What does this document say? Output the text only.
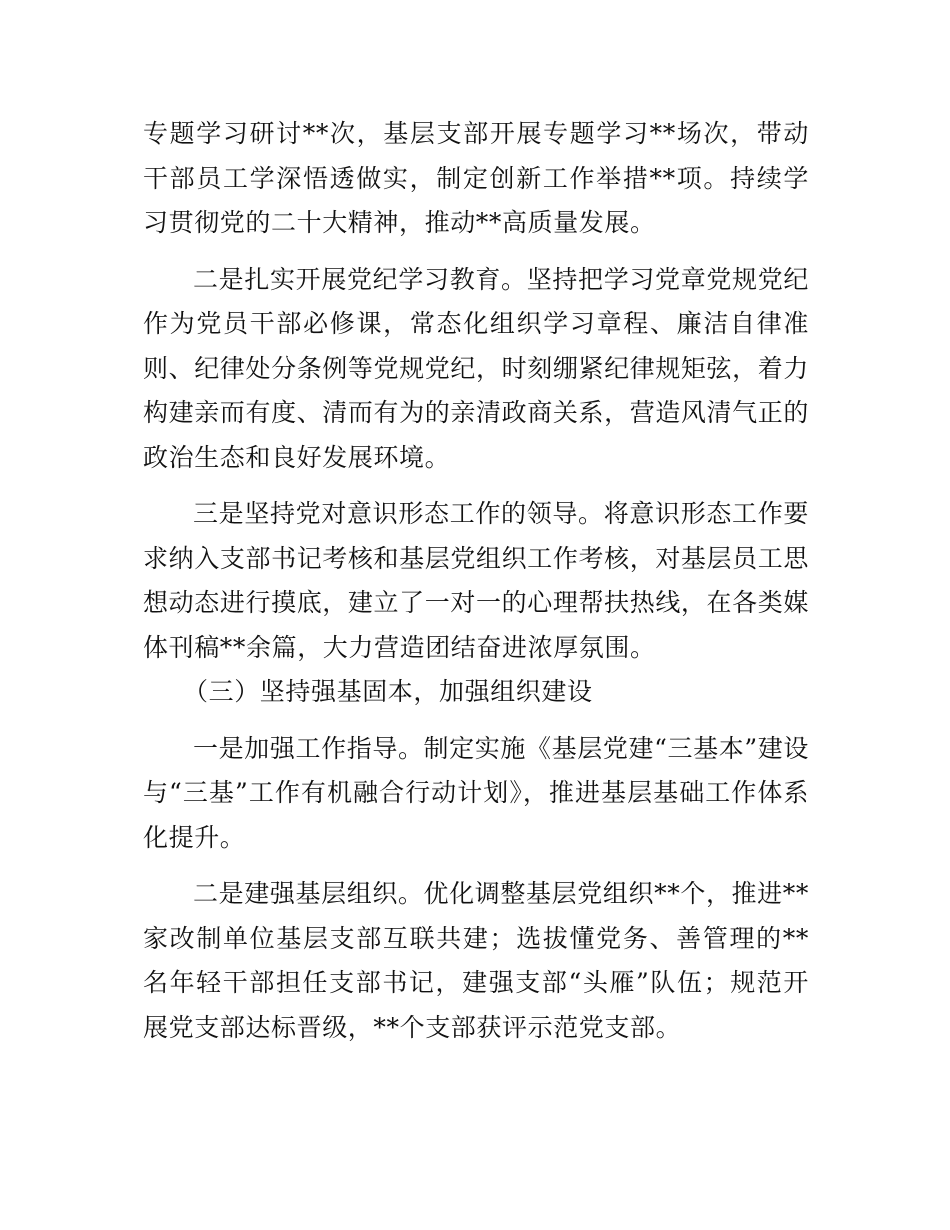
专题学习研讨**次，基层支部开展专题学习**场次，带动干部员工学深悟透做实，制定创新工作举措**项。持续学习贯彻党的二十大精神，推动**高质量发展。

二是扎实开展党纪学习教育。坚持把学习党章党规党纪作为党员干部必修课，常态化组织学习章程、廉洁自律准则、纪律处分条例等党规党纪，时刻绷紧纪律规矩弦，着力构建亲而有度、清而有为的亲清政商关系，营造风清气正的政治生态和良好发展环境。

三是坚持党对意识形态工作的领导。将意识形态工作要求纳入支部书记考核和基层党组织工作考核，对基层员工思想动态进行摸底，建立了一对一的心理帮扶热线，在各类媒体刊稿**余篇，大力营造团结奋进浓厚氛围。

（三）坚持强基固本，加强组织建设

一是加强工作指导。制定实施《基层党建“三基本”建设与“三基”工作有机融合行动计划》，推进基层基础工作体系化提升。

二是建强基层组织。优化调整基层党组织**个，推进**家改制单位基层支部互联共建；选拔懂党务、善管理的**名年轻干部担任支部书记，建强支部“头雁”队伍；规范开展党支部达标晋级，**个支部获评示范党支部。
